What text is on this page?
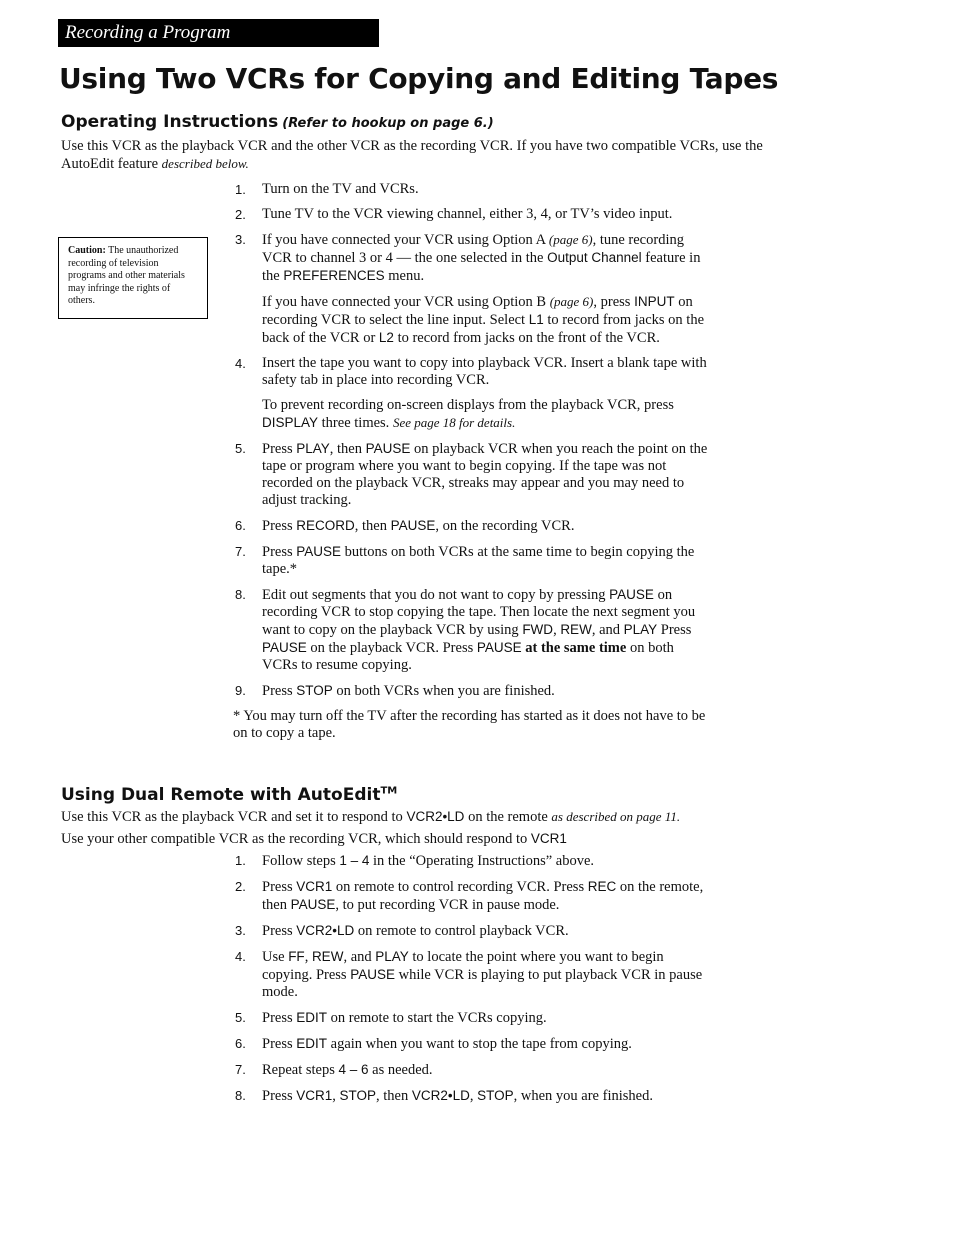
Recording a Program
Using Two VCRs for Copying and Editing Tapes
Operating Instructions (Refer to hookup on page 6.)
Use this VCR as the playback VCR and the other VCR as the recording VCR. If you have two compatible VCRs, use the AutoEdit feature described below.
Caution: The unauthorized recording of television programs and other materials may infringe the rights of others.
1. Turn on the TV and VCRs.
2. Tune TV to the VCR viewing channel, either 3, 4, or TV’s video input.
3. If you have connected your VCR using Option A (page 6), tune recording VCR to channel 3 or 4 — the one selected in the Output Channel feature in the PREFERENCES menu.

If you have connected your VCR using Option B (page 6), press INPUT on recording VCR to select the line input. Select L1 to record from jacks on the back of the VCR or L2 to record from jacks on the front of the VCR.

4. Insert the tape you want to copy into playback VCR. Insert a blank tape with safety tab in place into recording VCR.

To prevent recording on-screen displays from the playback VCR, press DISPLAY three times. See page 18 for details.

5. Press PLAY, then PAUSE on playback VCR when you reach the point on the tape or program where you want to begin copying. If the tape was not recorded on the playback VCR, streaks may appear and you may need to adjust tracking.
6. Press RECORD, then PAUSE, on the recording VCR.
7. Press PAUSE buttons on both VCRs at the same time to begin copying the tape.*
8. Edit out segments that you do not want to copy by pressing PAUSE on recording VCR to stop copying the tape. Then locate the next segment you want to copy on the playback VCR by using FWD, REW, and PLAY Press PAUSE on the playback VCR. Press PAUSE at the same time on both VCRs to resume copying.
9. Press STOP on both VCRs when you are finished.
* You may turn off the TV after the recording has started as it does not have to be on to copy a tape.
Using Dual Remote with AutoEdit™
Use this VCR as the playback VCR and set it to respond to VCR2•LD on the remote as described on page 11.
Use your other compatible VCR as the recording VCR, which should respond to VCR1
1. Follow steps 1 – 4 in the “Operating Instructions” above.
2. Press VCR1 on remote to control recording VCR. Press REC on the remote, then PAUSE, to put recording VCR in pause mode.
3. Press VCR2•LD on remote to control playback VCR.
4. Use FF, REW, and PLAY to locate the point where you want to begin copying. Press PAUSE while VCR is playing to put playback VCR in pause mode.
5. Press EDIT on remote to start the VCRs copying.
6. Press EDIT again when you want to stop the tape from copying.
7. Repeat steps 4 – 6 as needed.
8. Press VCR1, STOP, then VCR2•LD, STOP, when you are finished.
